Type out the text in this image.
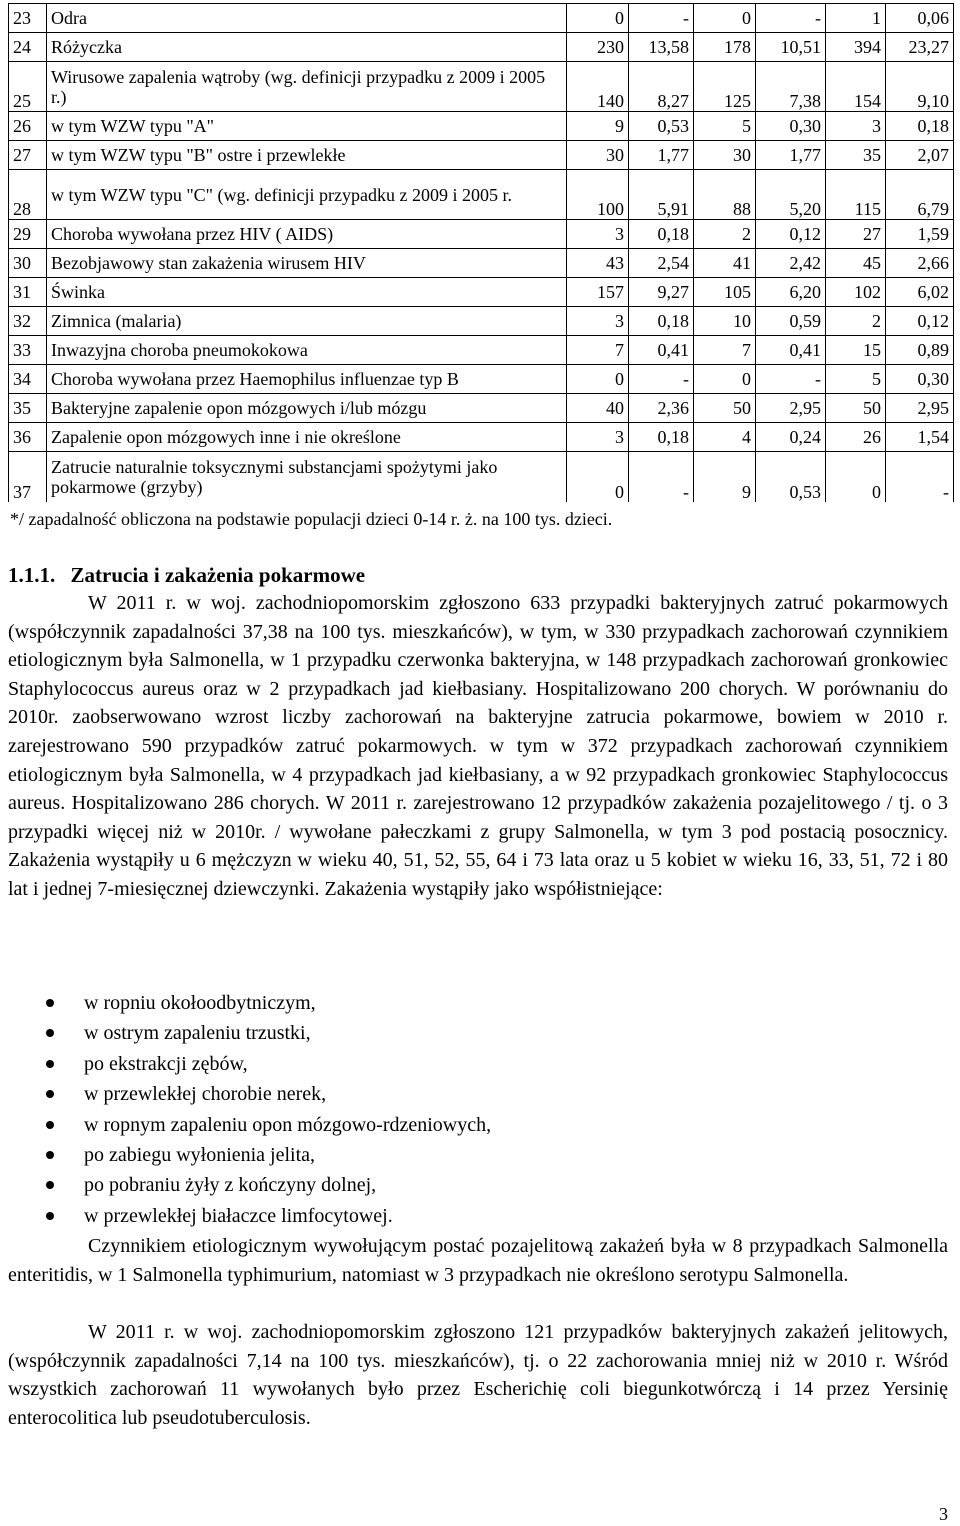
23	Odra	0	-	0	-	1	0,06
24	Różyczka	230	13,58	178	10,51	394	23,27
25	Wirusowe zapalenia wątroby (wg. definicji przypadku z 2009 i 2005 r.)	140	8,27	125	7,38	154	9,10
26	w tym WZW typu "A"	9	0,53	5	0,30	3	0,18
27	w tym WZW typu "B" ostre i przewlekłe	30	1,77	30	1,77	35	2,07
28	w tym WZW typu "C" (wg. definicji przypadku z 2009 i 2005 r.	100	5,91	88	5,20	115	6,79
29	Choroba wywołana przez HIV ( AIDS)	3	0,18	2	0,12	27	1,59
30	Bezobjawowy stan zakażenia wirusem HIV	43	2,54	41	2,42	45	2,66
31	Świnka	157	9,27	105	6,20	102	6,02
32	Zimnica (malaria)	3	0,18	10	0,59	2	0,12
33	Inwazyjna choroba pneumokokowa	7	0,41	7	0,41	15	0,89
34	Choroba wywołana przez Haemophilus influenzae typ B	0	-	0	-	5	0,30
35	Bakteryjne zapalenie opon mózgowych i/lub mózgu	40	2,36	50	2,95	50	2,95
36	Zapalenie opon mózgowych inne i nie określone	3	0,18	4	0,24	26	1,54
37	Zatrucie naturalnie toksycznymi substancjami spożytymi jako pokarmowe (grzyby)	0	-	9	0,53	0	-
*/ zapadalność obliczona na podstawie populacji dzieci 0-14 r. ż. na 100 tys. dzieci.
1.1.1. Zatrucia i zakażenia pokarmowe

W 2011 r. w woj. zachodniopomorskim zgłoszono 633 przypadki bakteryjnych zatruć pokarmowych (współczynnik zapadalności 37,38 na 100 tys. mieszkańców), w tym, w 330 przypadkach zachorowań czynnikiem etiologicznym była Salmonella, w 1 przypadku czerwonka bakteryjna, w 148 przypadkach zachorowań gronkowiec Staphylococcus aureus oraz w 2 przypadkach jad kiełbasiany. Hospitalizowano 200 chorych. W porównaniu do 2010r. zaobserwowano wzrost liczby zachorowań na bakteryjne zatrucia pokarmowe, bowiem w 2010 r. zarejestrowano 590 przypadków zatruć pokarmowych. w tym w 372 przypadkach zachorowań czynnikiem etiologicznym była Salmonella, w 4 przypadkach jad kiełbasiany, a w 92 przypadkach gronkowiec Staphylococcus aureus. Hospitalizowano 286 chorych. W 2011 r. zarejestrowano 12 przypadków zakażenia pozajelitowego / tj. o 3 przypadki więcej niż w 2010r. / wywołane pałeczkami z grupy Salmonella, w tym 3 pod postacią posocznicy. Zakażenia wystąpiły u 6 mężczyzn w wieku 40, 51, 52, 55, 64 i 73 lata oraz u 5 kobiet w wieku 16, 33, 51, 72 i 80 lat i jednej 7-miesięcznej dziewczynki. Zakażenia wystąpiły jako współistniejące:

w ropniu okołoodbytniczym,
w ostrym zapaleniu trzustki,
po ekstrakcji zębów,
w przewlekłej chorobie nerek,
w ropnym zapaleniu opon mózgowo-rdzeniowych,
po zabiegu wyłonienia jelita,
po pobraniu żyły z kończyny dolnej,
w przewlekłej białaczce limfocytowej.

Czynnikiem etiologicznym wywołującym postać pozajelitową zakażeń była w 8 przypadkach Salmonella enteritidis, w 1 Salmonella typhimurium, natomiast w 3 przypadkach nie określono serotypu Salmonella.

W 2011 r. w woj. zachodniopomorskim zgłoszono 121 przypadków bakteryjnych zakażeń jelitowych, (współczynnik zapadalności 7,14 na 100 tys. mieszkańców), tj. o 22 zachorowania mniej niż w 2010 r. Wśród wszystkich zachorowań 11 wywołanych było przez Escherichię coli biegunkotwórczą i 14 przez Yersinię enterocolitica lub pseudotuberculosis.

3
